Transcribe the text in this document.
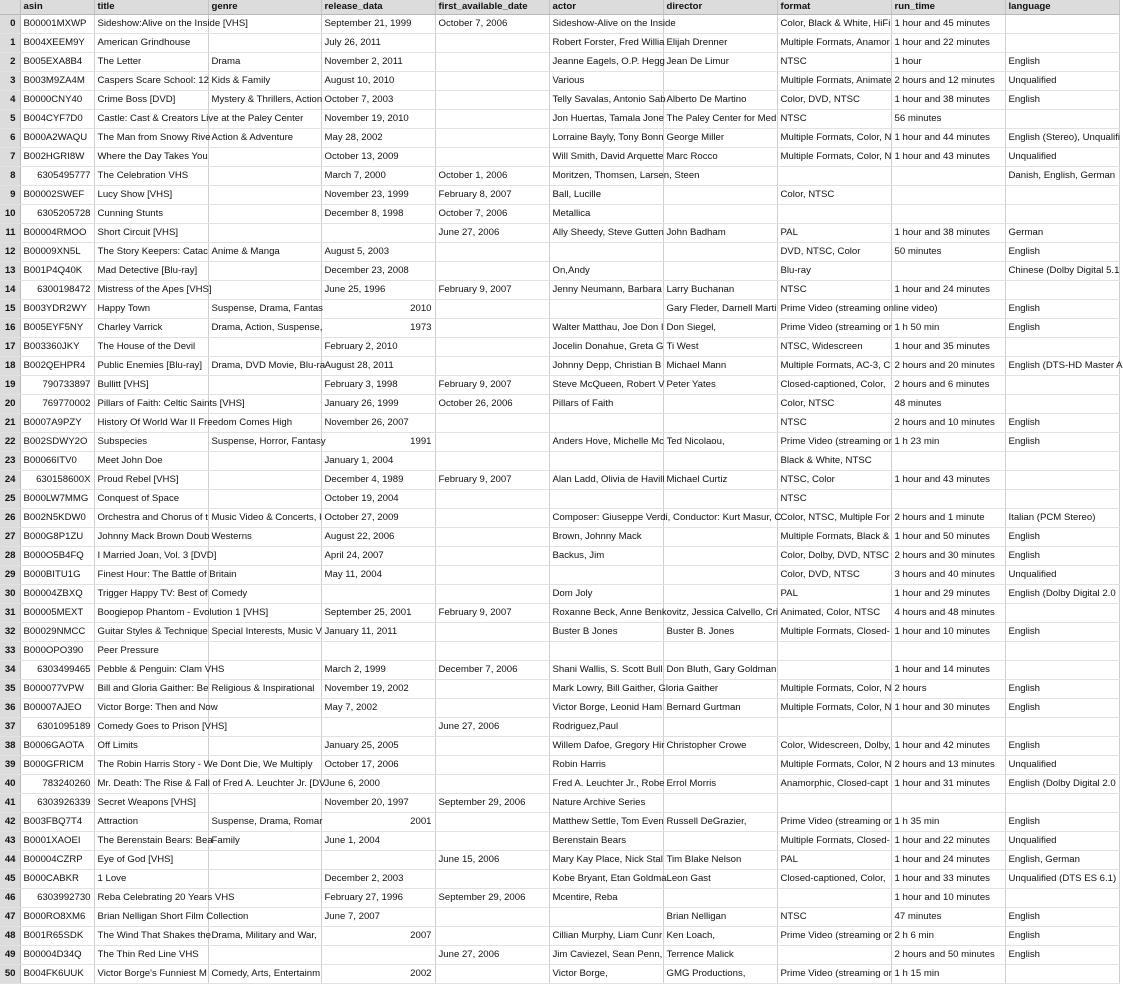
	asin	title	genre	release_data	first_available_date	actor	director	format	run_time	language
0	B00001MXWP	Sideshow:Alive on the Inside [VHS]		September 21, 1999	October 7, 2006	Sideshow-Alive on the Inside		Color, Black & White, HiFi	1 hour and 45 minutes	
1	B004XEEM9Y	American Grindhouse		July 26, 2011		Robert Forster, Fred Willia	Elijah Drenner	Multiple Formats, Anamor	1 hour and 22 minutes	
2	B005EXA8B4	The Letter	Drama	November 2, 2011		Jeanne Eagels, O.P. Hegg	Jean De Limur	NTSC	1 hour	English
3	B003M9ZA4M	Caspers Scare School: 12	Kids & Family	August 10, 2010		Various		Multiple Formats, Animate	2 hours and 12 minutes	Unqualified
4	B0000CNY40	Crime Boss [DVD]	Mystery & Thrillers, Action	October 7, 2003		Telly Savalas, Antonio Sab	Alberto De Martino	Color, DVD, NTSC	1 hour and 38 minutes	English
5	B004CYF7D0	Castle: Cast & Creators Live at the Paley Center		November 19, 2010		Jon Huertas, Tamala Jone	The Paley Center for Med	NTSC	56 minutes	
6	B000A2WAQU	The Man from Snowy Rive	Action & Adventure	May 28, 2002		Lorraine Bayly, Tony Bonn	George Miller	Multiple Formats, Color, N	1 hour and 44 minutes	English (Stereo), Unqualifi
7	B002HGRI8W	Where the Day Takes You		October 13, 2009		Will Smith, David Arquette	Marc Rocco	Multiple Formats, Color, N	1 hour and 43 minutes	Unqualified
8	6305495777	The Celebration VHS		March 7, 2000	October 1, 2006	Moritzen, Thomsen, Larsen, Steen				Danish, English, German
9	B00002SWEF	Lucy Show [VHS]		November 23, 1999	February 8, 2007	Ball, Lucille		Color, NTSC		
10	6305205728	Cunning Stunts		December 8, 1998	October 7, 2006	Metallica				
11	B00004RMOO	Short Circuit [VHS]			June 27, 2006	Ally Sheedy, Steve Gutten	John Badham	PAL	1 hour and 38 minutes	German
12	B00009XN5L	The Story Keepers: Catac	Anime & Manga	August 5, 2003				DVD, NTSC, Color	50 minutes	English
13	B001P4Q40K	Mad Detective [Blu-ray]		December 23, 2008		On,Andy		Blu-ray		Chinese (Dolby Digital 5.1
14	6300198472	Mistress of the Apes [VHS]		June 25, 1996	February 9, 2007	Jenny Neumann, Barbara	Larry Buchanan	NTSC	1 hour and 24 minutes	
15	B003YDR2WY	Happy Town	Suspense, Drama, Fantas	2010			Gary Fleder, Darnell Marti	Prime Video (streaming online video)		English
16	B005EYF5NY	Charley Varrick	Drama, Action, Suspense,	1973		Walter Matthau, Joe Don I	Don Siegel,	Prime Video (streaming or	1 h 50 min	English
17	B003360JKY	The House of the Devil		February 2, 2010		Jocelin Donahue, Greta G	Ti West	NTSC, Widescreen	1 hour and 35 minutes	
18	B002QEHPR4	Public Enemies [Blu-ray]	Drama, DVD Movie, Blu-ra	August 28, 2011		Johnny Depp, Christian B	Michael Mann	Multiple Formats, AC-3, C	2 hours and 20 minutes	English (DTS-HD Master A
19	790733897	Bullitt [VHS]		February 3, 1998	February 9, 2007	Steve McQueen, Robert V	Peter Yates	Closed-captioned, Color,	2 hours and 6 minutes	
20	769770002	Pillars of Faith: Celtic Saints [VHS]		January 26, 1999	October 26, 2006	Pillars of Faith		Color, NTSC	48 minutes	
21	B0007A9PZY	History Of World War II Freedom Comes High		November 26, 2007				NTSC	2 hours and 10 minutes	English
22	B002SDWY2O	Subspecies	Suspense, Horror, Fantasy	1991		Anders Hove, Michelle Mc	Ted Nicolaou,	Prime Video (streaming or	1 h 23 min	English
23	B00066ITV0	Meet John Doe		January 1, 2004				Black & White, NTSC		
24	630158600X	Proud Rebel [VHS]		December 4, 1989	February 9, 2007	Alan Ladd, Olivia de Havill	Michael Curtiz	NTSC, Color	1 hour and 43 minutes	
25	B000LW7MMG	Conquest of Space		October 19, 2004				NTSC		
26	B002N5KDW0	Orchestra and Chorus of t	Music Video & Concerts, I	October 27, 2009		Composer: Giuseppe Verdi, Conductor: Kurt Masur, C		Color, NTSC, Multiple For	2 hours and 1 minute	Italian (PCM Stereo)
27	B000G8P1ZU	Johnny Mack Brown Doub	Westerns	August 22, 2006		Brown, Johnny Mack		Multiple Formats, Black &	1 hour and 50 minutes	English
28	B000O5B4FQ	I Married Joan, Vol. 3 [DVD]		April 24, 2007		Backus, Jim		Color, Dolby, DVD, NTSC	2 hours and 30 minutes	English
29	B000BITU1G	Finest Hour: The Battle of Britain		May 11, 2004				Color, DVD, NTSC	3 hours and 40 minutes	Unqualified
30	B00004ZBXQ	Trigger Happy TV: Best of	Comedy			Dom Joly		PAL	1 hour and 29 minutes	English (Dolby Digital 2.0
31	B00005MEXT	Boogiepop Phantom - Evolution 1 [VHS]		September 25, 2001	February 9, 2007	Roxanne Beck, Anne Benkovitz, Jessica Calvello, Cri		Animated, Color, NTSC	4 hours and 48 minutes	
32	B00029NMCC	Guitar Styles & Technique	Special Interests, Music V	January 11, 2011		Buster B Jones	Buster B. Jones	Multiple Formats, Closed-	1 hour and 10 minutes	English
33	B000OPO390	Peer Pressure								
34	6303499465	Pebble & Penguin: Clam VHS		March 2, 1999	December 7, 2006	Shani Wallis, S. Scott Bull	Don Bluth, Gary Goldman		1 hour and 14 minutes	
35	B000077VPW	Bill and Gloria Gaither: Be	Religious & Inspirational	November 19, 2002		Mark Lowry, Bill Gaither, Gloria Gaither		Multiple Formats, Color, N	2 hours	English
36	B00007AJEO	Victor Borge: Then and Now		May 7, 2002		Victor Borge, Leonid Ham	Bernard Gurtman	Multiple Formats, Color, N	1 hour and 30 minutes	English
37	6301095189	Comedy Goes to Prison [VHS]			June 27, 2006	Rodriguez,Paul				
38	B0006GAOTA	Off Limits		January 25, 2005		Willem Dafoe, Gregory Hir	Christopher Crowe	Color, Widescreen, Dolby,	1 hour and 42 minutes	English
39	B000GFRICM	The Robin Harris Story - We Dont Die, We Multiply		October 17, 2006		Robin Harris		Multiple Formats, Color, N	2 hours and 13 minutes	Unqualified
40	783240260	Mr. Death: The Rise & Fall of Fred A. Leuchter Jr. [DV		June 6, 2000		Fred A. Leuchter Jr., Robe	Errol Morris	Anamorphic, Closed-capt	1 hour and 31 minutes	English (Dolby Digital 2.0
41	6303926339	Secret Weapons [VHS]		November 20, 1997	September 29, 2006	Nature Archive Series				
42	B003FBQ7T4	Attraction	Suspense, Drama, Romar	2001		Matthew Settle, Tom Even	Russell DeGrazier,	Prime Video (streaming or	1 h 35 min	English
43	B0001XAOEI	The Berenstain Bears: Bea	Family	June 1, 2004		Berenstain Bears		Multiple Formats, Closed-	1 hour and 22 minutes	Unqualified
44	B00004CZRP	Eye of God [VHS]			June 15, 2006	Mary Kay Place, Nick Stal	Tim Blake Nelson	PAL	1 hour and 24 minutes	English, German
45	B000CABKR	1 Love		December 2, 2003		Kobe Bryant, Etan Goldma	Leon Gast	Closed-captioned, Color,	1 hour and 33 minutes	Unqualified (DTS ES 6.1)
46	6303992730	Reba Celebrating 20 Years VHS		February 27, 1996	September 29, 2006	Mcentire, Reba			1 hour and 10 minutes	
47	B000RO8XM6	Brian Nelligan Short Film Collection		June 7, 2007			Brian Nelligan	NTSC	47 minutes	English
48	B001R65SDK	The Wind That Shakes the	Drama, Military and War,	2007		Cillian Murphy, Liam Cunr	Ken Loach,	Prime Video (streaming or	2 h 6 min	English
49	B00004D34Q	The Thin Red Line VHS			June 27, 2006	Jim Caviezel, Sean Penn,	Terrence Malick		2 hours and 50 minutes	English
50	B004FK6UUK	Victor Borge's Funniest M	Comedy, Arts, Entertainm	2002		Victor Borge,	GMG Productions,	Prime Video (streaming or	1 h 15 min	
